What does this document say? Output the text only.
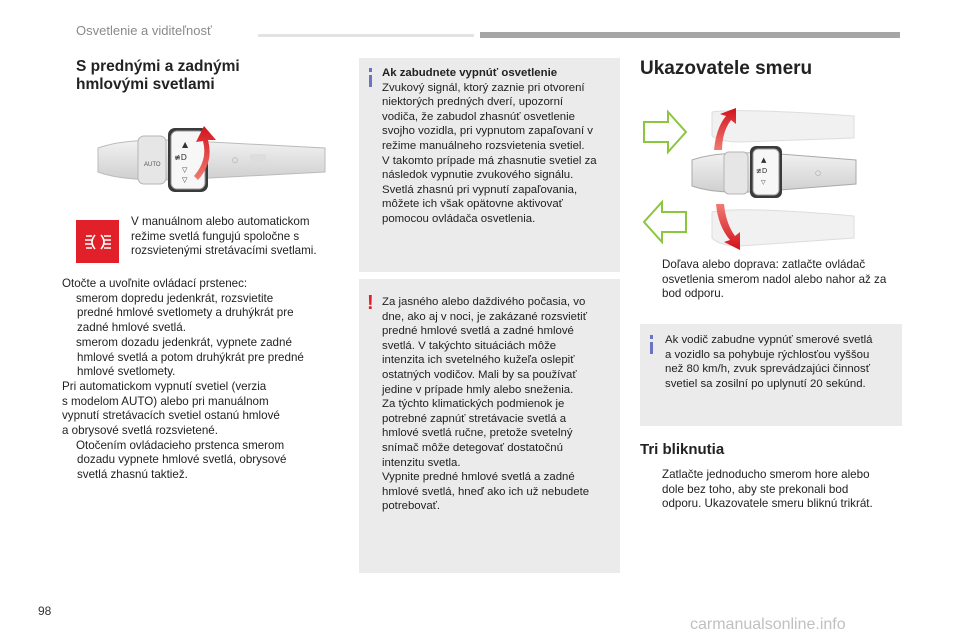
Osvetlenie a viditeľnosť
S prednými a zadnými
hmlovými svetlami
AUTO
▲
≢D
▽
▽
○
V manuálnom alebo automatickom
režime svetlá fungujú spoločne s
rozsvietenými stretávacími svetlami.
Otočte a uvoľnite ovládací prstenec:
smerom dopredu jedenkrát, rozsvietite
predné hmlové svetlomety a druhýkrát pre
zadné hmlové svetlá.
smerom dozadu jedenkrát, vypnete zadné
hmlové svetlá a potom druhýkrát pre predné
hmlové svetlomety.
Pri automatickom vypnutí svetiel (verzia
s modelom AUTO) alebo pri manuálnom
vypnutí stretávacích svetiel ostanú hmlové
a obrysové svetlá rozsvietené.
Otočením ovládacieho prstenca smerom
dozadu vypnete hmlové svetlá, obrysové
svetlá zhasnú taktiež.
Ak zabudnete vypnúť osvetlenie
Zvukový signál, ktorý zaznie pri otvorení
niektorých predných dverí, upozorní
vodiča, že zabudol zhasnúť osvetlenie
svojho vozidla, pri vypnutom zapaľovaní v
režime manuálneho rozsvietenia svetiel.
V takomto prípade má zhasnutie svetiel za
následok vypnutie zvukového signálu.
Svetlá zhasnú pri vypnutí zapaľovania,
môžete ich však opätovne aktivovať
pomocou ovládača osvetlenia.
! Za jasného alebo daždivého počasia, vo
dne, ako aj v noci, je zakázané rozsvietiť
predné hmlové svetlá a zadné hmlové
svetlá. V takýchto situáciách môže
intenzita ich svetelného kužeľa oslepiť
ostatných vodičov. Mali by sa používať
jedine v prípade hmly alebo sneženia.
Za týchto klimatických podmienok je
potrebné zapnúť stretávacie svetlá a
hmlové svetlá ručne, pretože svetelný
snímač môže detegovať dostatočnú
intenzitu svetla.
Vypnite predné hmlové svetlá a zadné
hmlové svetlá, hneď ako ich už nebudete
potrebovať.
Ukazovatele smeru
▲
≢D
▽
○
Doľava alebo doprava: zatlačte ovládač
osvetlenia smerom nadol alebo nahor až za
bod odporu.
Ak vodič zabudne vypnúť smerové svetlá
a vozidlo sa pohybuje rýchlosťou vyššou
než 80 km/h, zvuk sprevádzajúci činnosť
svetiel sa zosilní po uplynutí 20 sekúnd.
Tri bliknutia
Zatlačte jednoducho smerom hore alebo
dole bez toho, aby ste prekonali bod
odporu. Ukazovatele smeru bliknú trikrát.
98
carmanualsonline.info
